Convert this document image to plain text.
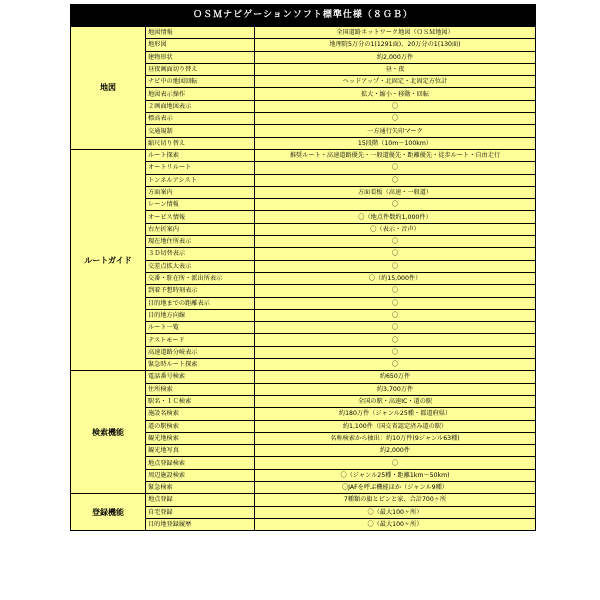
ＯＳＭナビゲーションソフト標準仕様（８ＧＢ）
地図	地図情報	全国道路ネットワーク地図（ＯＳＭ地図）
	地形図	地理院5万分の1(1291面)、20万分の1(130面)
	建物形状	約2,000万件
	昼夜画面切り替え	昼・夜
	ナビ中の地図回転	ヘッドアップ・北固定・北固定方位計
	地図表示操作	拡大・縮小・移動・回転
	２画面地図表示	〇
	標高表示	〇
	交通規制	一方通行矢印マーク
	縮尺切り替え	15段階（10m〜100km）
ルートガイド	ルート探索	推奨ルート・高速道路優先・一般道優先・距離優先・徒歩ルート・自由走行
	オートリルート	〇
	トンネルアシスト	〇
	方面案内	方面看板（高速・一般道）
	レーン情報	〇
	オービス情報	〇（地点件数約1,000件）
	右左折案内	〇（表示・音声）
	現在地住所表示	〇
	３Ｄ切替表示	〇
	交差点拡大表示	〇
	交番・駐在所・派出所表示	〇（約15,000件）
	到着予想時刻表示	〇
	目的地までの距離表示	〇
	目的地方向線	〇
	ルート一覧	〇
	テストモード	〇
	高速道路分岐表示	〇
	緊急時ルート探索	〇
検索機能	電話番号検索	約650万件
	住所検索	約3,700万件
	駅名・ＩＣ検索	全国の駅・高速IC・道の駅
	施設名検索	約180万件（ジャンル25種・都道府県）
	道の駅検索	約1,100件（国交省認定済み道の駅）
	観光地検索	名称検索から抽出：約10万件(9ジャンル63種)
	観光地写真	約2,000件
	地点登録検索	〇
	周辺施設検索	〇（ジャンル25種・距離1km〜50km)
	緊急検索	〇JAFを呼ぶ機能ほか（ジャンル9種）
登録機能	地点登録	7種類の旗とピンと家、合計700ヶ所
	自宅登録	〇（最大100ヶ所）
	目的地登録履歴	〇（最大100ヶ所）
